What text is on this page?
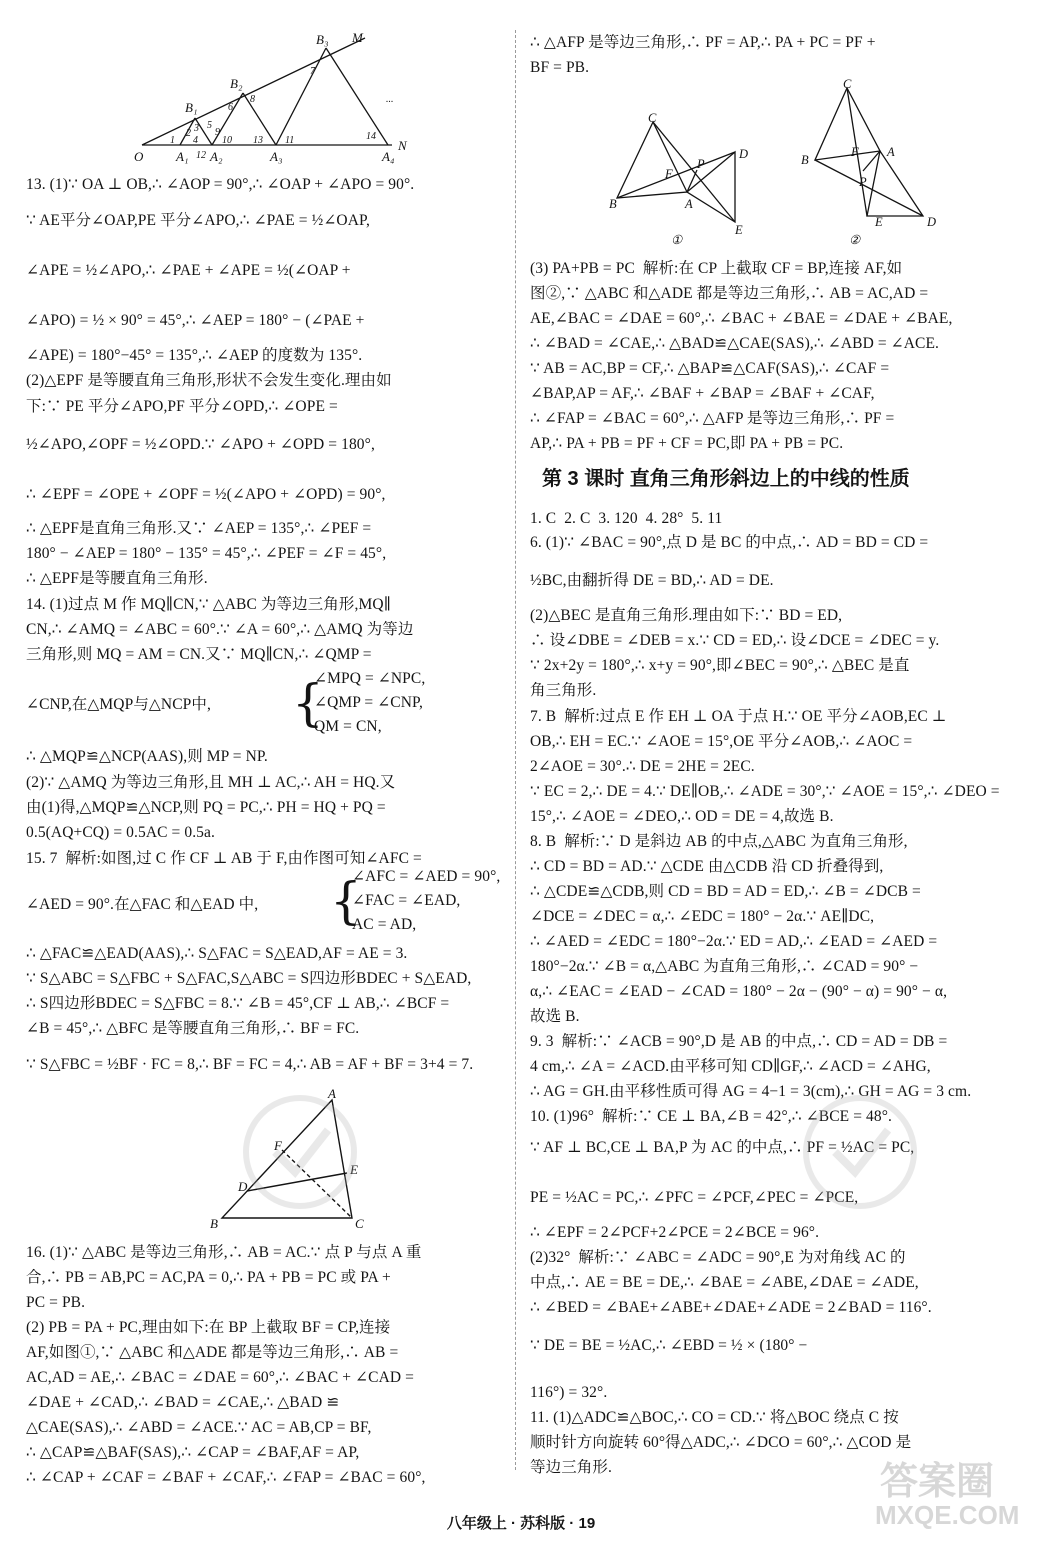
O	A₁ A₂	A₃	A₄
N
M
B₁
B₂
B₃
1
2 3
4
5
6
7
8
9
10	11
12
13	14
...
13. (1)∵ OA ⊥ OB,∴ ∠AOP = 90°,∴ ∠OAP + ∠APO = 90°.
∵ AE平分∠OAP,PE 平分∠APO,∴ ∠PAE = ½∠OAP,
∠APE = ½∠APO,∴ ∠PAE + ∠APE = ½(∠OAP +
∠APO) = ½ × 90° = 45°,∴ ∠AEP = 180° − (∠PAE +
∠APE) = 180°−45° = 135°,∴ ∠AEP 的度数为 135°.
(2)△EPF 是等腰直角三角形,形状不会发生变化.理由如
下:∵ PE 平分∠APO,PF 平分∠OPD,∴ ∠OPE =
½∠APO,∠OPF = ½∠OPD.∵ ∠APO + ∠OPD = 180°,
∴ ∠EPF = ∠OPE + ∠OPF = ½(∠APO + ∠OPD) = 90°,
∴ △EPF是直角三角形.又∵ ∠AEP = 135°,∴ ∠PEF =
180° − ∠AEP = 180° − 135° = 45°,∴ ∠PEF = ∠F = 45°,
∴ △EPF是等腰直角三角形.
14. (1)过点 M 作 MQ∥CN,∵ △ABC 为等边三角形,MQ∥
CN,∴ ∠AMQ = ∠ABC = 60°.∵ ∠A = 60°,∴ △AMQ 为等边
三角形,则 MQ = AM = CN.又∵ MQ∥CN,∴ ∠QMP =
∠CNP,在△MQP与△NCP中,
∴ △MQP≌△NCP(AAS),则 MP = NP.
(2)∵ △AMQ 为等边三角形,且 MH ⊥ AC,∴ AH = HQ.又
由(1)得,△MQP≌△NCP,则 PQ = PC,∴ PH = HQ + PQ =
0.5(AQ+CQ) = 0.5AC = 0.5a.
15. 7  解析:如图,过 C 作 CF ⊥ AB 于 F,由作图可知∠AFC =
∠AED = 90°.在△FAC 和△EAD 中,
∴ △FAC≌△EAD(AAS),∴ S△FAC = S△EAD,AF = AE = 3.
∵ S△ABC = S△FBC + S△FAC,S△ABC = S四边形BDEC + S△EAD,
∴ S四边形BDEC = S△FBC = 8.∵ ∠B = 45°,CF ⊥ AB,∴ ∠BCF =
∠B = 45°,∴ △BFC 是等腰直角三角形,∴ BF = FC.
∵ S△FBC = ½BF · FC = 8,∴ BF = FC = 4,∴ AB = AF + BF = 3+4 = 7.
16. (1)∵ △ABC 是等边三角形,∴ AB = AC.∵ 点 P 与点 A 重
合,∴ PB = AB,PC = AC,PA = 0,∴ PA + PB = PC 或 PA +
PC = PB.
(2) PB = PA + PC,理由如下:在 BP 上截取 BF = CP,连接
AF,如图①,∵ △ABC 和△ADE 都是等边三角形,∴ AB =
AC,AD = AE,∴ ∠BAC = ∠DAE = 60°,∴ ∠BAC + ∠CAD =
∠DAE + ∠CAD,∴ ∠BAD = ∠CAE,∴ △BAD ≌
△CAE(SAS),∴ ∠ABD = ∠ACE.∵ AC = AB,CP = BF,
∴ △CAP≌△BAF(SAS),∴ ∠CAP = ∠BAF,AF = AP,
∴ ∠CAP + ∠CAF = ∠BAF + ∠CAF,∴ ∠FAP = ∠BAC = 60°,
{
∠MPQ = ∠NPC,
∠QMP = ∠CNP,
QM = CN,
{
∠AFC = ∠AED = 90°,
∠FAC = ∠EAD,
AC = AD,
A
B	C
D
E
F
∴ △AFP 是等边三角形,∴ PF = AP,∴ PA + PC = PF +
BF = PB.
(3) PA+PB = PC  解析:在 CP 上截取 CF = BP,连接 AF,如
图②,∵ △ABC 和△ADE 都是等边三角形,∴ AB = AC,AD =
AE,∠BAC = ∠DAE = 60°,∴ ∠BAC + ∠BAE = ∠DAE + ∠BAE,
∴ ∠BAD = ∠CAE,∴ △BAD≌△CAE(SAS),∴ ∠ABD = ∠ACE.
∵ AB = AC,BP = CF,∴ △BAP≌△CAF(SAS),∴ ∠CAF =
∠BAP,AP = AF,∴ ∠BAF + ∠BAP = ∠BAF + ∠CAF,
∴ ∠FAP = ∠BAC = 60°,∴ △AFP 是等边三角形,∴ PF =
AP,∴ PA + PB = PF + CF = PC,即 PA + PB = PC.
1. C  2. C  3. 120  4. 28°  5. 11
6. (1)∵ ∠BAC = 90°,点 D 是 BC 的中点,∴ AD = BD = CD =
½BC,由翻折得 DE = BD,∴ AD = DE.
(2)△BEC 是直角三角形.理由如下:∵ BD = ED,
∴ 设∠DBE = ∠DEB = x.∵ CD = ED,∴ 设∠DCE = ∠DEC = y.
∵ 2x+2y = 180°,∴ x+y = 90°,即∠BEC = 90°,∴ △BEC 是直
角三角形.
7. B  解析:过点 E 作 EH ⊥ OA 于点 H.∵ OE 平分∠AOB,EC ⊥
OB,∴ EH = EC.∵ ∠AOE = 15°,OE 平分∠AOB,∴ ∠AOC =
2∠AOE = 30°.∴ DE = 2HE = 2EC.
∵ EC = 2,∴ DE = 4.∵ DE∥OB,∴ ∠ADE = 30°,∵ ∠AOE = 15°,∴ ∠DEO =
15°,∴ ∠AOE = ∠DEO,∴ OD = DE = 4,故选 B.
8. B  解析:∵ D 是斜边 AB 的中点,△ABC 为直角三角形,
∴ CD = BD = AD.∵ △CDE 由△CDB 沿 CD 折叠得到,
∴ △CDE≌△CDB,则 CD = BD = AD = ED,∴ ∠B = ∠DCB =
∠DCE = ∠DEC = α,∴ ∠EDC = 180° − 2α.∵ AE∥DC,
∴ ∠AED = ∠EDC = 180°−2α.∵ ED = AD,∴ ∠EAD = ∠AED =
180°−2α.∵ ∠B = α,△ABC 为直角三角形,∴ ∠CAD = 90° −
α,∴ ∠EAC = ∠EAD − ∠CAD = 180° − 2α − (90° − α) = 90° − α,
故选 B.
9. 3  解析:∵ ∠ACB = 90°,D 是 AB 的中点,∴ CD = AD = DB =
4 cm,∴ ∠A = ∠ACD.由平移可知 CD∥GF,∴ ∠ACD = ∠AHG,
∴ AG = GH.由平移性质可得 AG = 4−1 = 3(cm),∴ GH = AG = 3 cm.
10. (1)96°  解析:∵ CE ⊥ BA,∠B = 42°,∴ ∠BCE = 48°.
∵ AF ⊥ BC,CE ⊥ BA,P 为 AC 的中点,∴ PF = ½AC = PC,
PE = ½AC = PC,∴ ∠PFC = ∠PCF,∠PEC = ∠PCE,
∴ ∠EPF = 2∠PCF+2∠PCE = 2∠BCE = 96°.
(2)32°  解析:∵ ∠ABC = ∠ADC = 90°,E 为对角线 AC 的
中点,∴ AE = BE = DE,∴ ∠BAE = ∠ABE,∠DAE = ∠ADE,
∴ ∠BED = ∠BAE+∠ABE+∠DAE+∠ADE = 2∠BAD = 116°.
∵ DE = BE = ½AC,∴ ∠EBD = ½ × (180° −
116°) = 32°.
11. (1)△ADC≌△BOC,∴ CO = CD.∵ 将△BOC 绕点 C 按
顺时针方向旋转 60°得△ADC,∴ ∠DCO = 60°,∴ △COD 是
等边三角形.
C
B
P
F
D
A
E
①
C
B
F A
P
D
E
②
第 3 课时 直角三角形斜边上的中线的性质
答案圈
MXQE.COM
八年级上 · 苏科版 · 19
